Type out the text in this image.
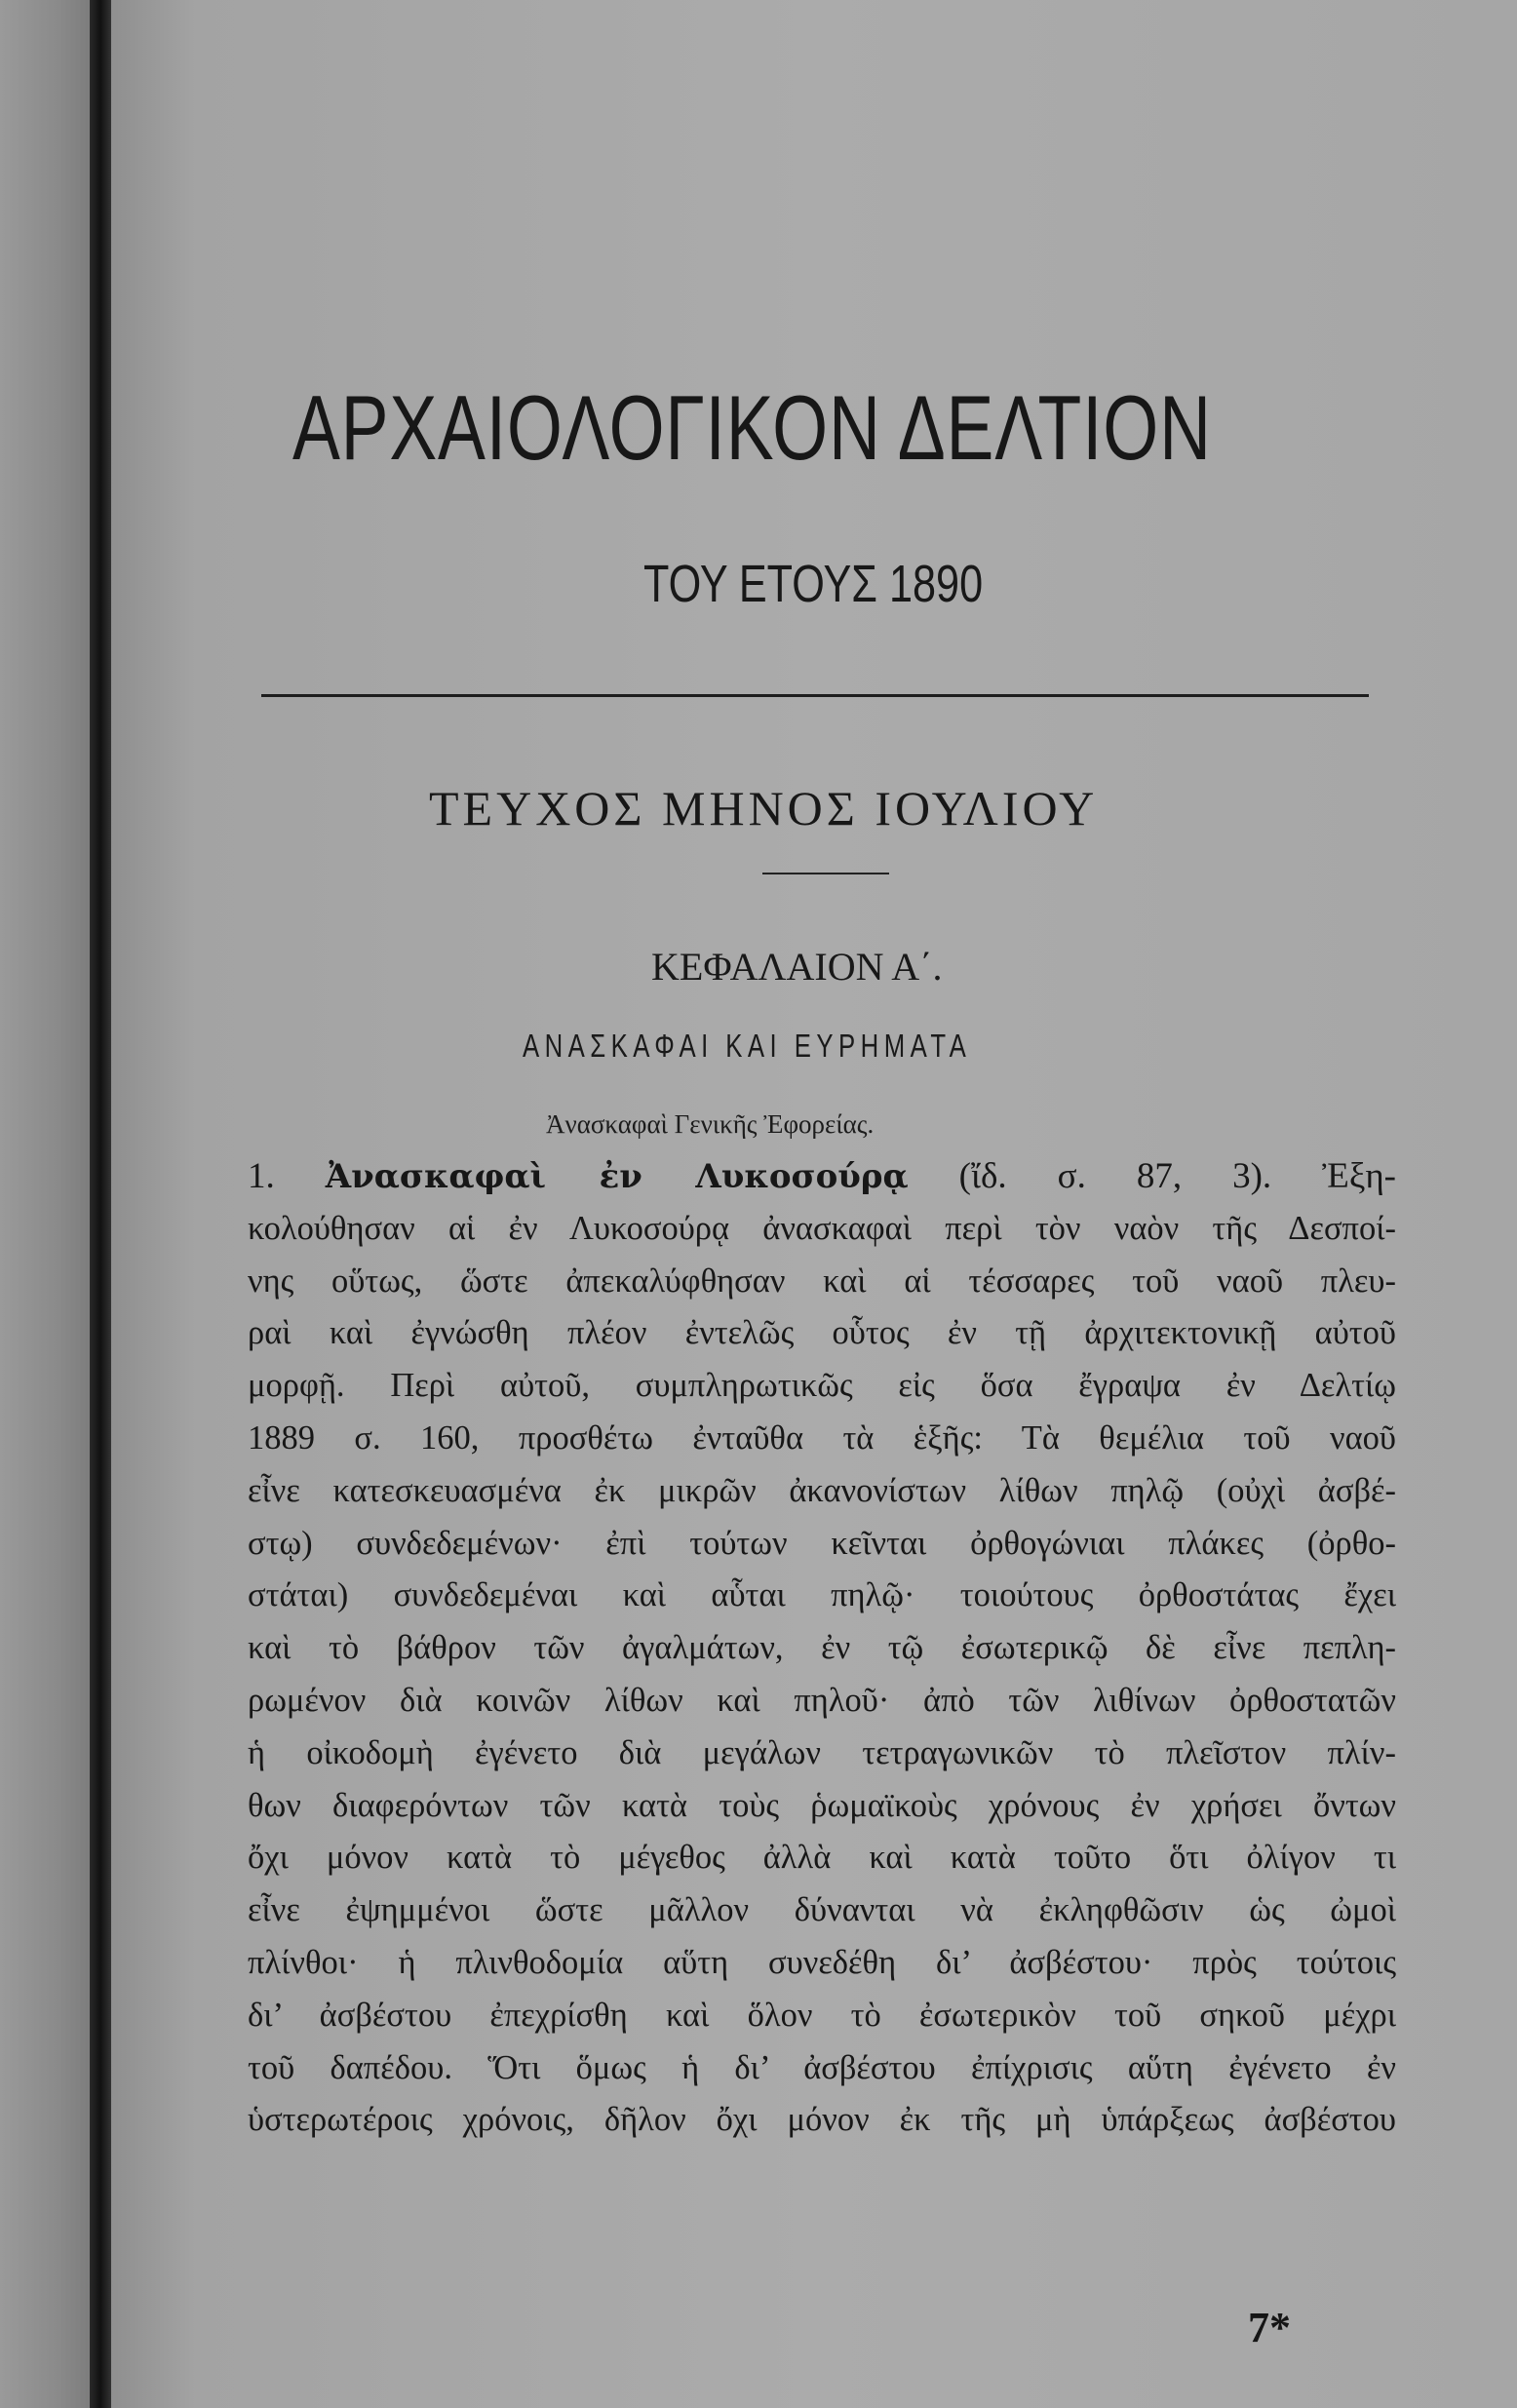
ΑΡΧΑΙΟΛΟΓΙΚΟΝ ΔΕΛΤΙΟΝ
ΤΟΥ ΕΤΟΥΣ 1890
ΤΕΥΧΟΣ ΜΗΝΟΣ ΙΟΥΛΙΟΥ
ΚΕΦΑΛΑΙΟΝ Α΄.
ΑΝΑΣΚΑΦΑΙ ΚΑΙ ΕΥΡΗΜΑΤΑ
Ἀνασκαφαὶ Γενικῆς Ἐφορείας.
1. Ἀνασκαφαὶ ἐν Λυκοσούρᾳ (ἴδ. σ. 87, 3). Ἐξη-
κολούθησαν αἱ ἐν Λυκοσούρᾳ ἀνασκαφαὶ περὶ τὸν ναὸν τῆς Δεσποί-
νης οὕτως, ὥστε ἀπεκαλύφθησαν καὶ αἱ τέσσαρες τοῦ ναοῦ πλευ-
ραὶ καὶ ἐγνώσθη πλέον ἐντελῶς οὗτος ἐν τῇ ἀρχιτεκτονικῇ αὐτοῦ
μορφῇ. Περὶ αὐτοῦ, συμπληρωτικῶς εἰς ὅσα ἔγραψα ἐν Δελτίῳ
1889 σ. 160, προσθέτω ἐνταῦθα τὰ ἑξῆς: Τὰ θεμέλια τοῦ ναοῦ
εἶνε κατεσκευασμένα ἐκ μικρῶν ἀκανονίστων λίθων πηλῷ (οὐχὶ ἀσβέ-
στῳ) συνδεδεμένων· ἐπὶ τούτων κεῖνται ὀρθογώνιαι πλάκες (ὀρθο-
στάται) συνδεδεμέναι καὶ αὗται πηλῷ· τοιούτους ὀρθοστάτας ἔχει
καὶ τὸ βάθρον τῶν ἀγαλμάτων, ἐν τῷ ἐσωτερικῷ δὲ εἶνε πεπλη-
ρωμένον διὰ κοινῶν λίθων καὶ πηλοῦ· ἀπὸ τῶν λιθίνων ὀρθοστατῶν
ἡ οἰκοδομὴ ἐγένετο διὰ μεγάλων τετραγωνικῶν τὸ πλεῖστον πλίν-
θων διαφερόντων τῶν κατὰ τοὺς ῥωμαϊκοὺς χρόνους ἐν χρήσει ὄντων
ὄχι μόνον κατὰ τὸ μέγεθος ἀλλὰ καὶ κατὰ τοῦτο ὅτι ὀλίγον τι
εἶνε ἐψημμένοι ὥστε μᾶλλον δύνανται νὰ ἐκληφθῶσιν ὡς ὠμοὶ
πλίνθοι· ἡ πλινθοδομία αὕτη συνεδέθη δι’ ἀσβέστου· πρὸς τούτοις
δι’ ἀσβέστου ἐπεχρίσθη καὶ ὅλον τὸ ἐσωτερικὸν τοῦ σηκοῦ μέχρι
τοῦ δαπέδου. Ὅτι ὅμως ἡ δι’ ἀσβέστου ἐπίχρισις αὕτη ἐγένετο ἐν
ὑστερωτέροις χρόνοις, δῆλον ὄχι μόνον ἐκ τῆς μὴ ὑπάρξεως ἀσβέστου
7*
